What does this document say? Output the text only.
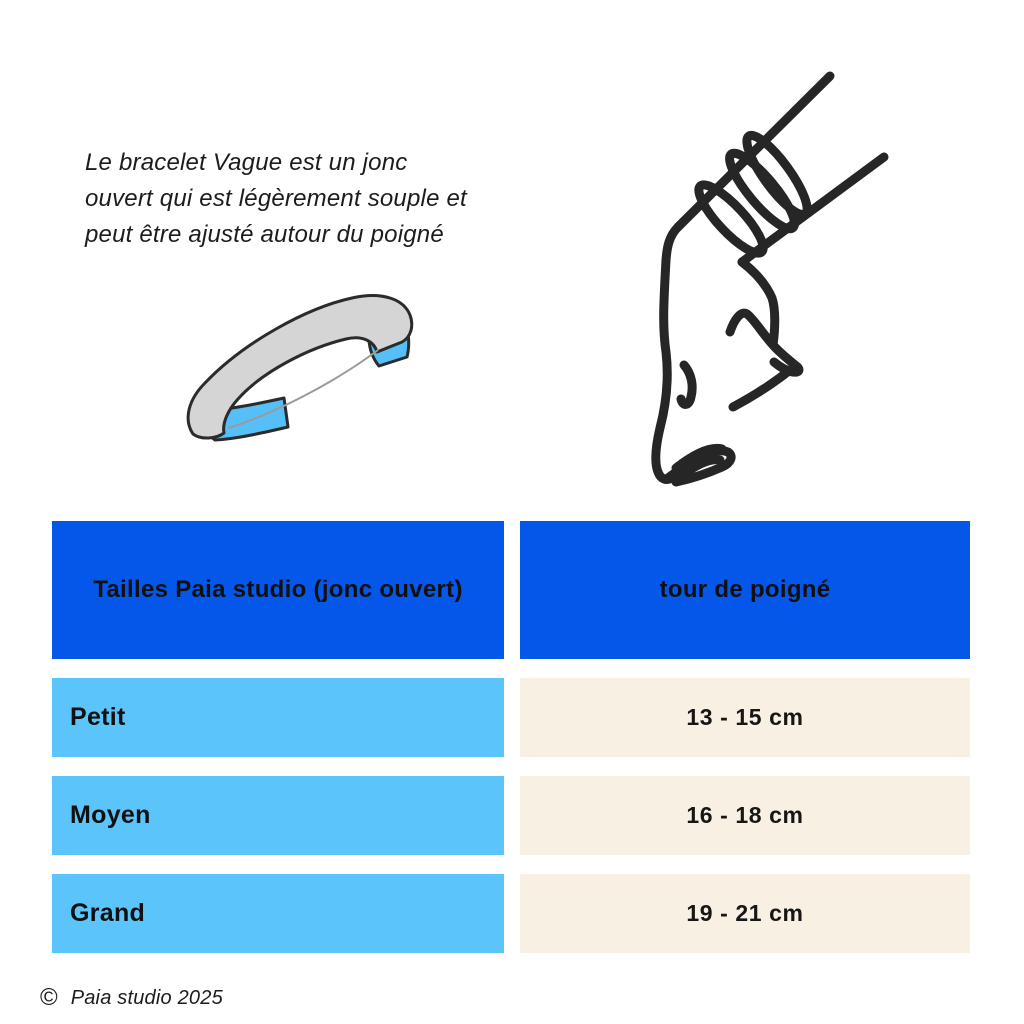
Le bracelet Vague est un jonc
ouvert qui est légèrement souple et
peut être ajusté autour du poigné
Tailles Paia studio (jonc ouvert)	tour de poigné
Petit	13 - 15 cm
Moyen	16 - 18 cm
Grand	19 - 21 cm
© Paia studio 2025
